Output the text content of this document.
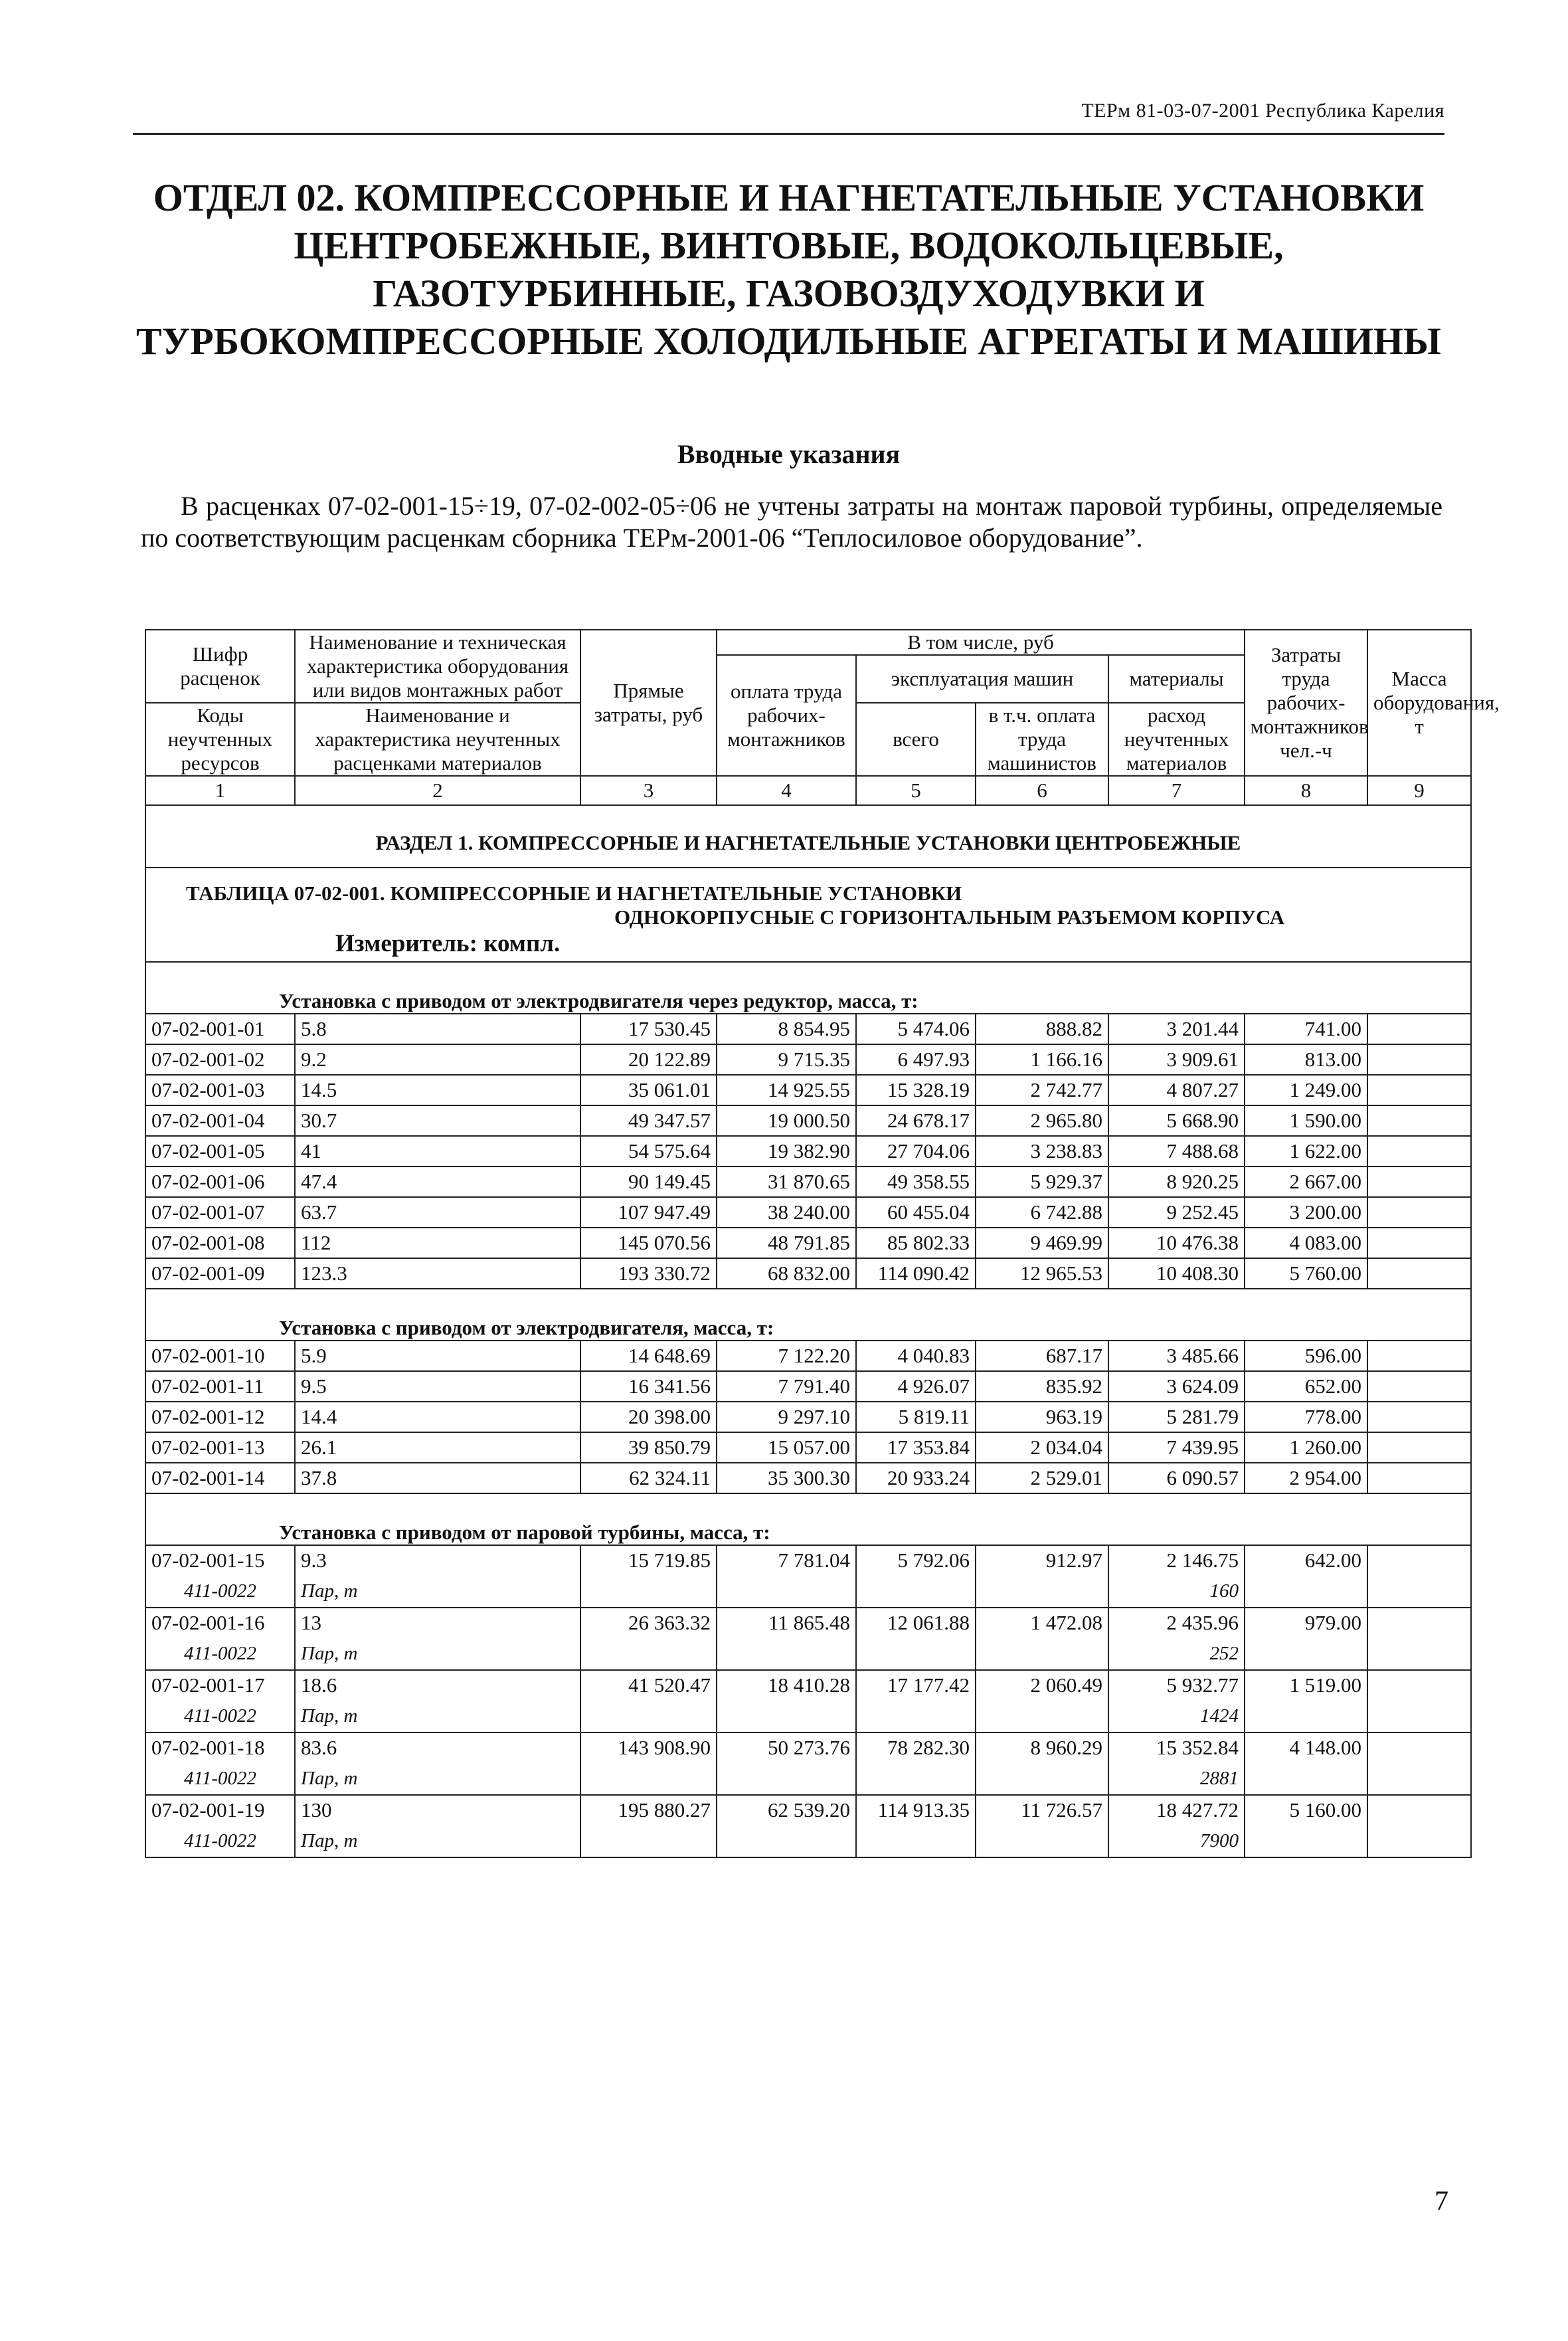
ТЕРм 81-03-07-2001 Республика Карелия
ОТДЕЛ 02. КОМПРЕССОРНЫЕ И НАГНЕТАТЕЛЬНЫЕ УСТАНОВКИ ЦЕНТРОБЕЖНЫЕ, ВИНТОВЫЕ, ВОДОКОЛЬЦЕВЫЕ, ГАЗОТУРБИННЫЕ, ГАЗОВОЗДУХОДУВКИ И ТУРБОКОМПРЕССОРНЫЕ ХОЛОДИЛЬНЫЕ АГРЕГАТЫ И МАШИНЫ
Вводные указания
В расценках 07-02-001-15÷19, 07-02-002-05÷06 не учтены затраты на монтаж паровой турбины, определяемые по соответствующим расценкам сборника ТЕРм-2001-06 “Теплосиловое оборудование”.
Шифр расценок	Наименование и техническая характеристика оборудования или видов монтажных работ	Прямые затраты, руб	В том числе, руб				Затраты труда рабочих-монтажников чел.-ч	Масса оборудования, т
			оплата труда рабочих-монтажников	эксплуатация машин		материалы		
Коды неучтенных ресурсов	Наименование и характеристика неучтенных расценками материалов			всего	в т.ч. оплата труда машинистов	расход неучтенных материалов		

1	2	3	4	5	6	7	8	9
РАЗДЕЛ 1. КОМПРЕССОРНЫЕ И НАГНЕТАТЕЛЬНЫЕ УСТАНОВКИ ЦЕНТРОБЕЖНЫЕ								
ТАБЛИЦА 07-02-001. КОМПРЕССОРНЫЕ И НАГНЕТАТЕЛЬНЫЕ УСТАНОВКИ
ОДНОКОРПУСНЫЕ С ГОРИЗОНТАЛЬНЫМ РАЗЪЕМОМ КОРПУСА
Измеритель: компл.								

Установка с приводом от электродвигателя через редуктор, масса, т:								
07-02-001-01	5.8	17 530.45	8 854.95	5 474.06	888.82	3 201.44	741.00	
07-02-001-02	9.2	20 122.89	9 715.35	6 497.93	1 166.16	3 909.61	813.00	
07-02-001-03	14.5	35 061.01	14 925.55	15 328.19	2 742.77	4 807.27	1 249.00	
07-02-001-04	30.7	49 347.57	19 000.50	24 678.17	2 965.80	5 668.90	1 590.00	
07-02-001-05	41	54 575.64	19 382.90	27 704.06	3 238.83	7 488.68	1 622.00	
07-02-001-06	47.4	90 149.45	31 870.65	49 358.55	5 929.37	8 920.25	2 667.00	
07-02-001-07	63.7	107 947.49	38 240.00	60 455.04	6 742.88	9 252.45	3 200.00	
07-02-001-08	112	145 070.56	48 791.85	85 802.33	9 469.99	10 476.38	4 083.00	
07-02-001-09	123.3	193 330.72	68 832.00	114 090.42	12 965.53	10 408.30	5 760.00	
Установка с приводом от электродвигателя, масса, т:								
07-02-001-10	5.9	14 648.69	7 122.20	4 040.83	687.17	3 485.66	596.00	
07-02-001-11	9.5	16 341.56	7 791.40	4 926.07	835.92	3 624.09	652.00	
07-02-001-12	14.4	20 398.00	9 297.10	5 819.11	963.19	5 281.79	778.00	
07-02-001-13	26.1	39 850.79	15 057.00	17 353.84	2 034.04	7 439.95	1 260.00	
07-02-001-14	37.8	62 324.11	35 300.30	20 933.24	2 529.01	6 090.57	2 954.00	
Установка с приводом от паровой турбины, масса, т:								
07-02-001-15	9.3	15 719.85	7 781.04	5 792.06	912.97	2 146.75	642.00	
411-0022	Пар, т					160		
07-02-001-16	13	26 363.32	11 865.48	12 061.88	1 472.08	2 435.96	979.00	
411-0022	Пар, т					252		
07-02-001-17	18.6	41 520.47	18 410.28	17 177.42	2 060.49	5 932.77	1 519.00	
411-0022	Пар, т					1424		
07-02-001-18	83.6	143 908.90	50 273.76	78 282.30	8 960.29	15 352.84	4 148.00	
411-0022	Пар, т					2881		
07-02-001-19	130	195 880.27	62 539.20	114 913.35	11 726.57	18 427.72	5 160.00	
411-0022	Пар, т					7900		
7
